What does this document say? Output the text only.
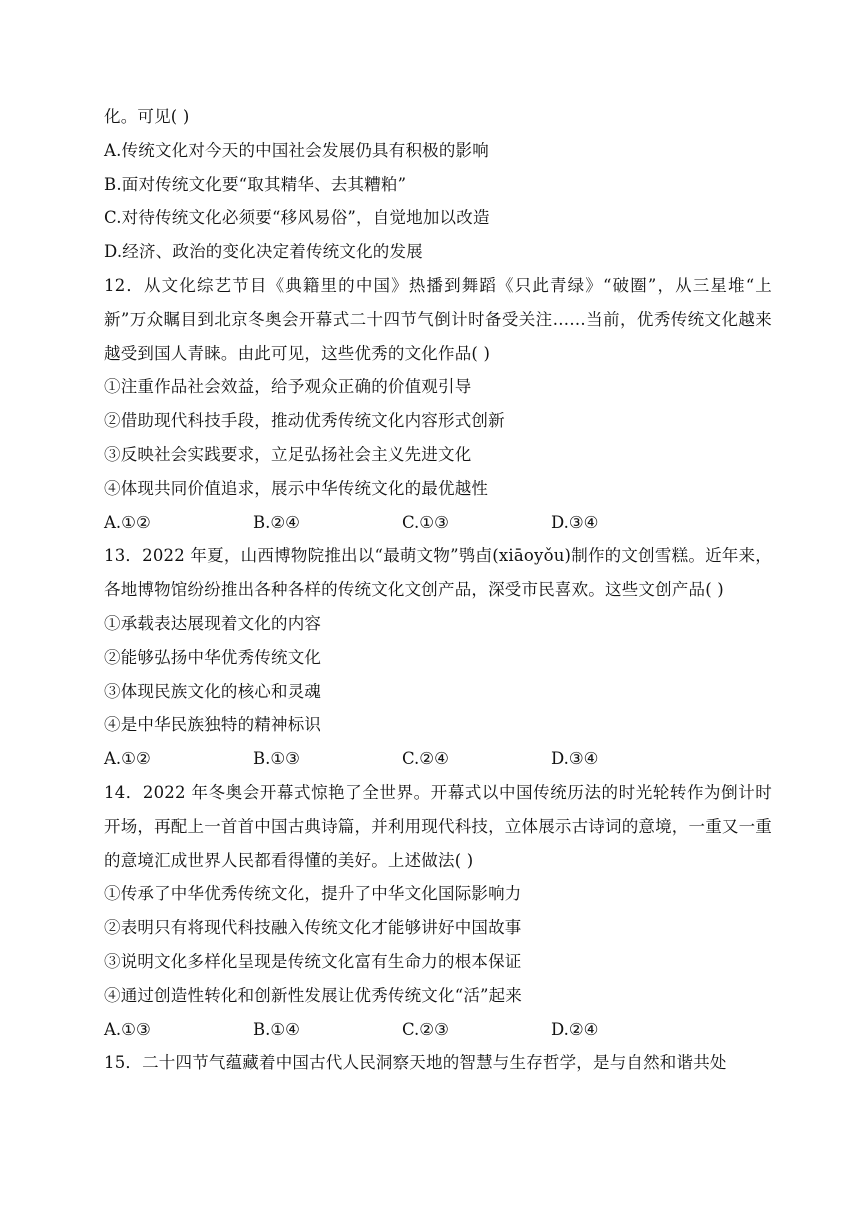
化。可见( )
A.传统文化对今天的中国社会发展仍具有积极的影响
B.面对传统文化要“取其精华、去其糟粕”
C.对待传统文化必须要“移风易俗”，自觉地加以改造
D.经济、政治的变化决定着传统文化的发展
12．从文化综艺节目《典籍里的中国》热播到舞蹈《只此青绿》“破圈”，从三星堆“上新”万众瞩目到北京冬奥会开幕式二十四节气倒计时备受关注……当前，优秀传统文化越来越受到国人青睐。由此可见，这些优秀的文化作品( )
①注重作品社会效益，给予观众正确的价值观引导
②借助现代科技手段，推动优秀传统文化内容形式创新
③反映社会实践要求，立足弘扬社会主义先进文化
④体现共同价值追求，展示中华传统文化的最优越性
A.①②	B.②④	C.①③	D.③④
13．2022 年夏，山西博物院推出以“最萌文物”鸮卣(xiāoyǒu)制作的文创雪糕。近年来，各地博物馆纷纷推出各种各样的传统文化文创产品，深受市民喜欢。这些文创产品( )
①承载表达展现着文化的内容
②能够弘扬中华优秀传统文化
③体现民族文化的核心和灵魂
④是中华民族独特的精神标识
A.①②	B.①③	C.②④	D.③④
14．2022 年冬奥会开幕式惊艳了全世界。开幕式以中国传统历法的时光轮转作为倒计时开场，再配上一首首中国古典诗篇，并利用现代科技，立体展示古诗词的意境，一重又一重的意境汇成世界人民都看得懂的美好。上述做法( )
①传承了中华优秀传统文化，提升了中华文化国际影响力
②表明只有将现代科技融入传统文化才能够讲好中国故事
③说明文化多样化呈现是传统文化富有生命力的根本保证
④通过创造性转化和创新性发展让优秀传统文化“活”起来
A.①③	B.①④	C.②③	D.②④
15．二十四节气蕴藏着中国古代人民洞察天地的智慧与生存哲学，是与自然和谐共处
